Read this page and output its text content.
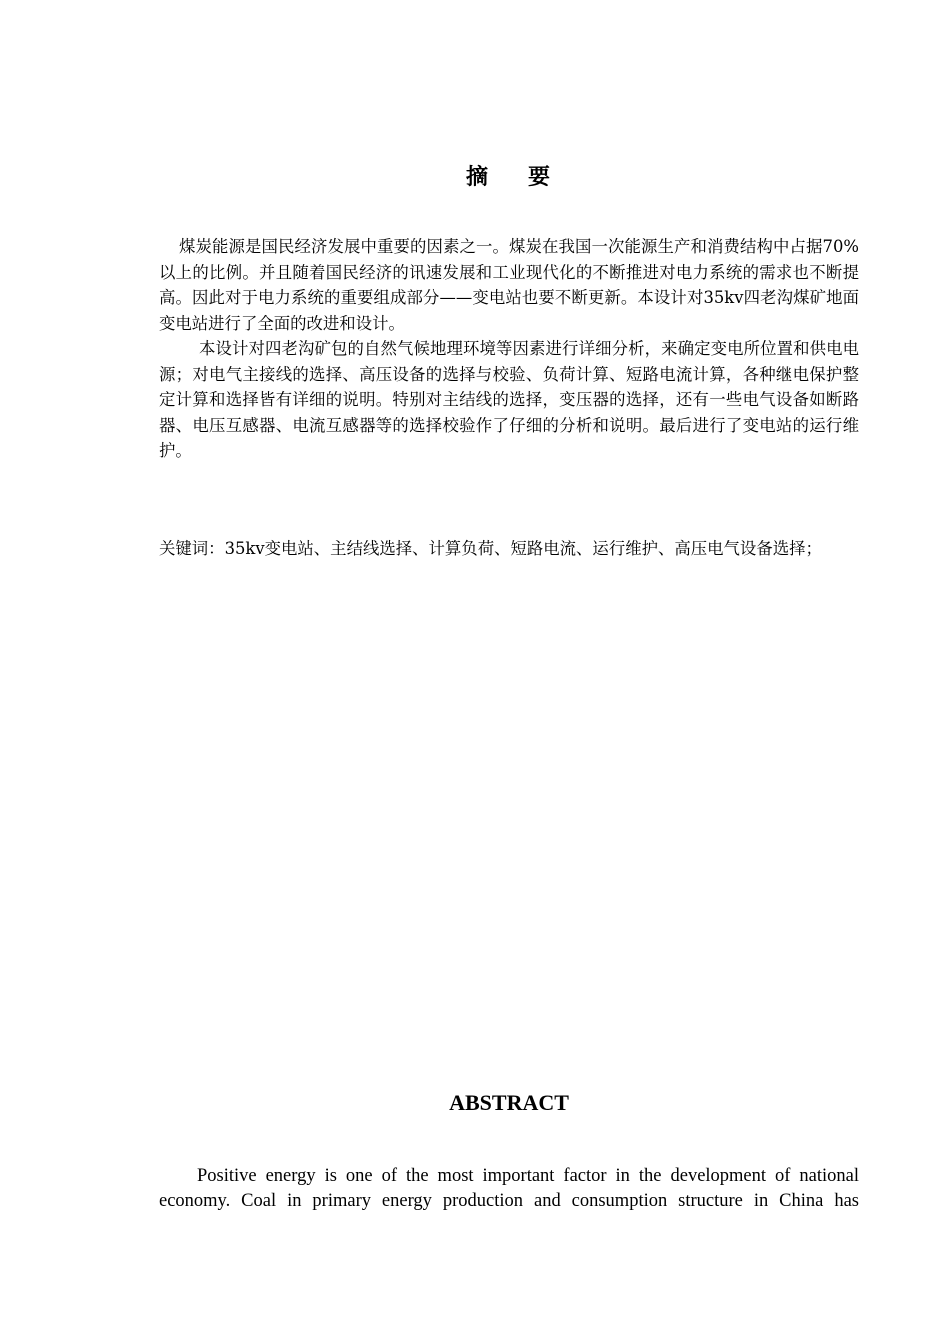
摘 要

煤炭能源是国民经济发展中重要的因素之一。煤炭在我国一次能源生产和消费结构中占据70%以上的比例。并且随着国民经济的讯速发展和工业现代化的不断推进对电力系统的需求也不断提高。因此对于电力系统的重要组成部分——变电站也要不断更新。本设计对35kv四老沟煤矿地面变电站进行了全面的改进和设计。

本设计对四老沟矿包的自然气候地理环境等因素进行详细分析，来确定变电所位置和供电电源；对电气主接线的选择、高压设备的选择与校验、负荷计算、短路电流计算，各种继电保护整定计算和选择皆有详细的说明。特别对主结线的选择，变压器的选择，还有一些电气设备如断路器、电压互感器、电流互感器等的选择校验作了仔细的分析和说明。最后进行了变电站的运行维护。

关键词：35kv变电站、主结线选择、计算负荷、短路电流、运行维护、高压电气设备选择；
ABSTRACT

Positive energy is one of the most important factor in the development of national economy. Coal in primary energy production and consumption structure in China has
